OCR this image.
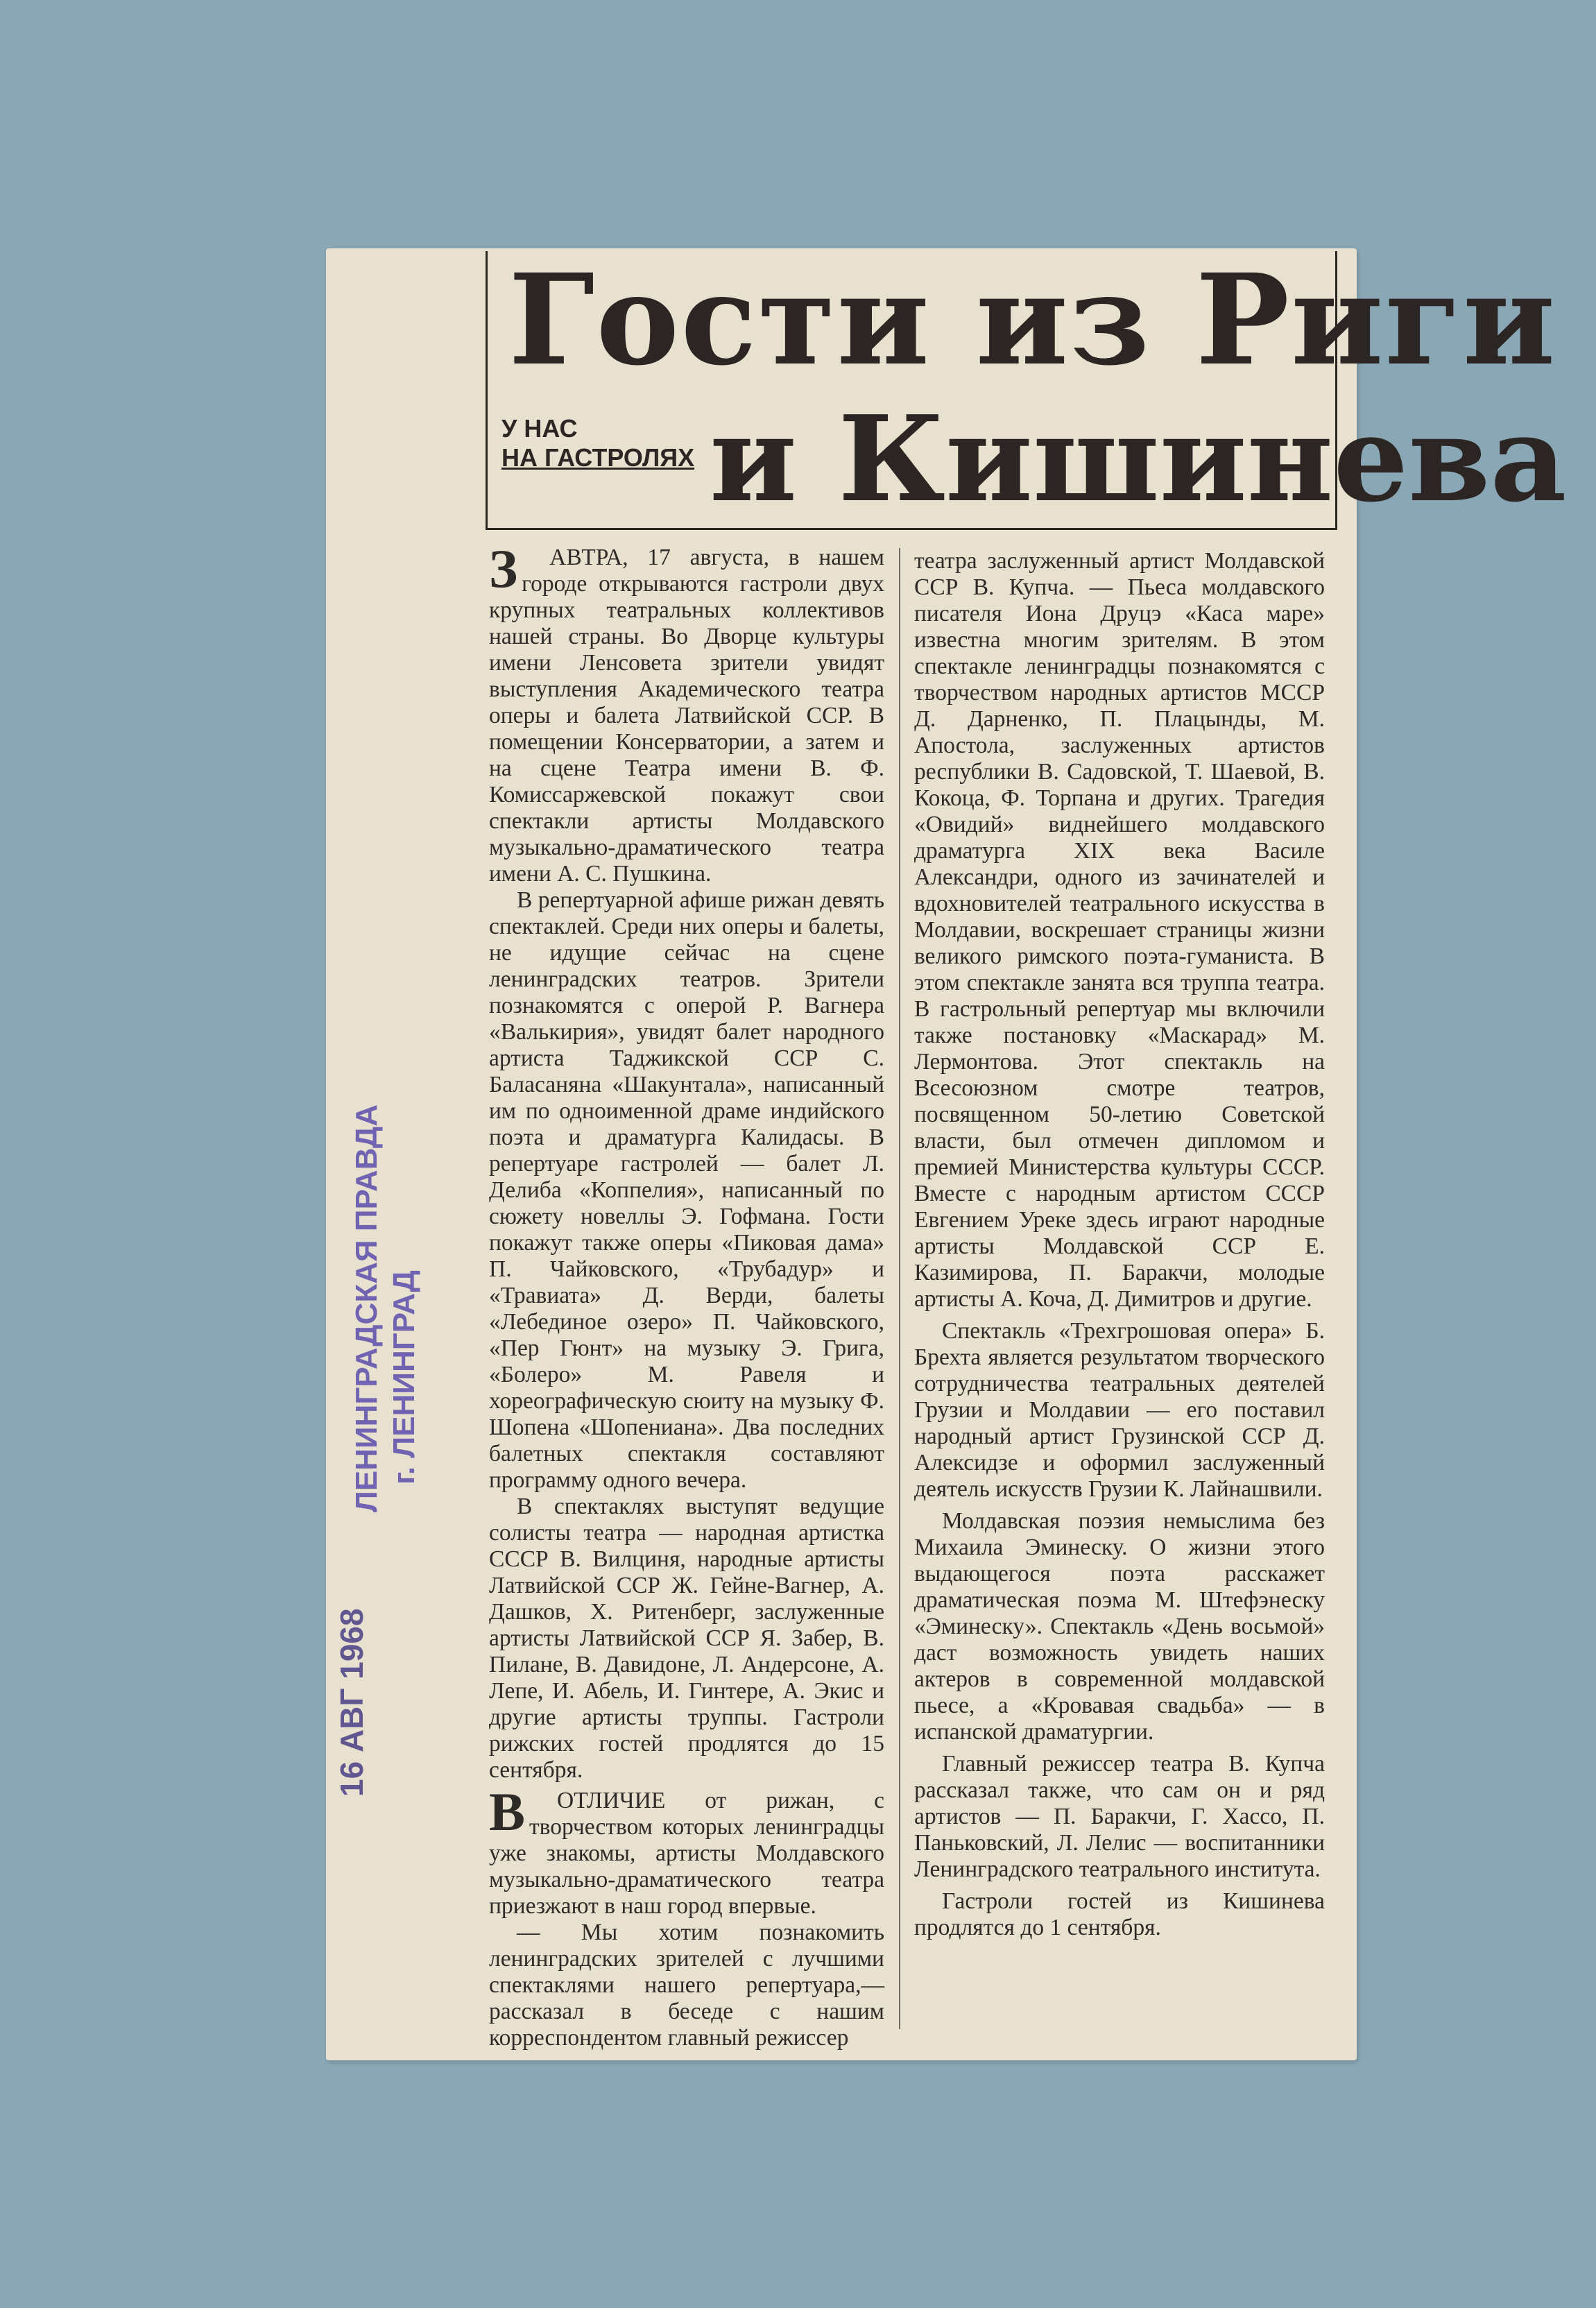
Гости из Риги
У НАС
НА ГАСТРОЛЯХ и Кишинева

З АВТРА, 17 августа, в нашем городе открываются гастроли двух крупных театральных коллективов нашей страны. Во Дворце культуры имени Ленсовета зрители увидят выступления Академического театра оперы и балета Латвийской ССР. В помещении Консерватории, а затем и на сцене Театра имени В. Ф. Комиссаржевской покажут свои спектакли артисты Молдавского музыкально-драматического театра имени А. С. Пушкина.

В репертуарной афише рижан девять спектаклей. Среди них оперы и балеты, не идущие сейчас на сцене ленинградских театров. Зрители познакомятся с оперой Р. Вагнера «Валькирия», увидят балет народного артиста Таджикской ССР С. Баласаняна «Шакунтала», написанный им по одноименной драме индийского поэта и драматурга Калидасы. В репертуаре гастролей — балет Л. Делиба «Коппелия», написанный по сюжету новеллы Э. Гофмана. Гости покажут также оперы «Пиковая дама» П. Чайковского, «Трубадур» и «Травиата» Д. Верди, балеты «Лебединое озеро» П. Чайковского, «Пер Гюнт» на музыку Э. Грига, «Болеро» М. Равеля и хореографическую сюиту на музыку Ф. Шопена «Шопениана». Два последних балетных спектакля составляют программу одного вечера.

В спектаклях выступят ведущие солисты театра — народная артистка СССР В. Вилциня, народные артисты Латвийской ССР Ж. Гейне-Вагнер, А. Дашков, Х. Ритенберг, заслуженные артисты Латвийской ССР Я. Забер, В. Пилане, В. Давидоне, Л. Андерсоне, А. Лепе, И. Абель, И. Гинтере, А. Экис и другие артисты труппы. Гастроли рижских гостей продлятся до 15 сентября.

В ОТЛИЧИЕ от рижан, с творчеством которых ленинградцы уже знакомы, артисты Молдавского музыкально-драматического театра приезжают в наш город впервые.

— Мы хотим познакомить ленинградских зрителей с лучшими спектаклями нашего репертуара,— рассказал в беседе с нашим корреспондентом главный режиссер

театра заслуженный артист Молдавской ССР В. Купча. — Пьеса молдавского писателя Иона Друцэ «Каса маре» известна многим зрителям. В этом спектакле ленинградцы познакомятся с творчеством народных артистов МССР Д. Дарненко, П. Плацынды, М. Апостола, заслуженных артистов республики В. Садовской, Т. Шаевой, В. Кокоца, Ф. Торпана и других. Трагедия «Овидий» виднейшего молдавского драматурга XIX века Василе Александри, одного из зачинателей и вдохновителей театрального искусства в Молдавии, воскрешает страницы жизни великого римского поэта-гуманиста. В этом спектакле занята вся труппа театра. В гастрольный репертуар мы включили также постановку «Маскарад» М. Лермонтова. Этот спектакль на Всесоюзном смотре театров, посвященном 50-летию Советской власти, был отмечен дипломом и премией Министерства культуры СССР. Вместе с народным артистом СССР Евгением Уреке здесь играют народные артисты Молдавской ССР Е. Казимирова, П. Баракчи, молодые артисты А. Коча, Д. Димитров и другие.

Спектакль «Трехгрошовая опера» Б. Брехта является результатом творческого сотрудничества театральных деятелей Грузии и Молдавии — его поставил народный артист Грузинской ССР Д. Алексидзе и оформил заслуженный деятель искусств Грузии К. Лайнашвили.

Молдавская поэзия немыслима без Михаила Эминеску. О жизни этого выдающегося поэта расскажет драматическая поэма М. Штефэнеску «Эминеску». Спектакль «День восьмой» даст возможность увидеть наших актеров в современной молдавской пьесе, а «Кровавая свадьба» — в испанской драматургии.

Главный режиссер театра В. Купча рассказал также, что сам он и ряд артистов — П. Баракчи, Г. Хассо, П. Паньковский, Л. Лелис — воспитанники Ленинградского театрального института.

Гастроли гостей из Кишинева продлятся до 1 сентября.

ЛЕНИНГРАДСКАЯ ПРАВДА г. ЛЕНИНГРАД
16 АВГ 1968
